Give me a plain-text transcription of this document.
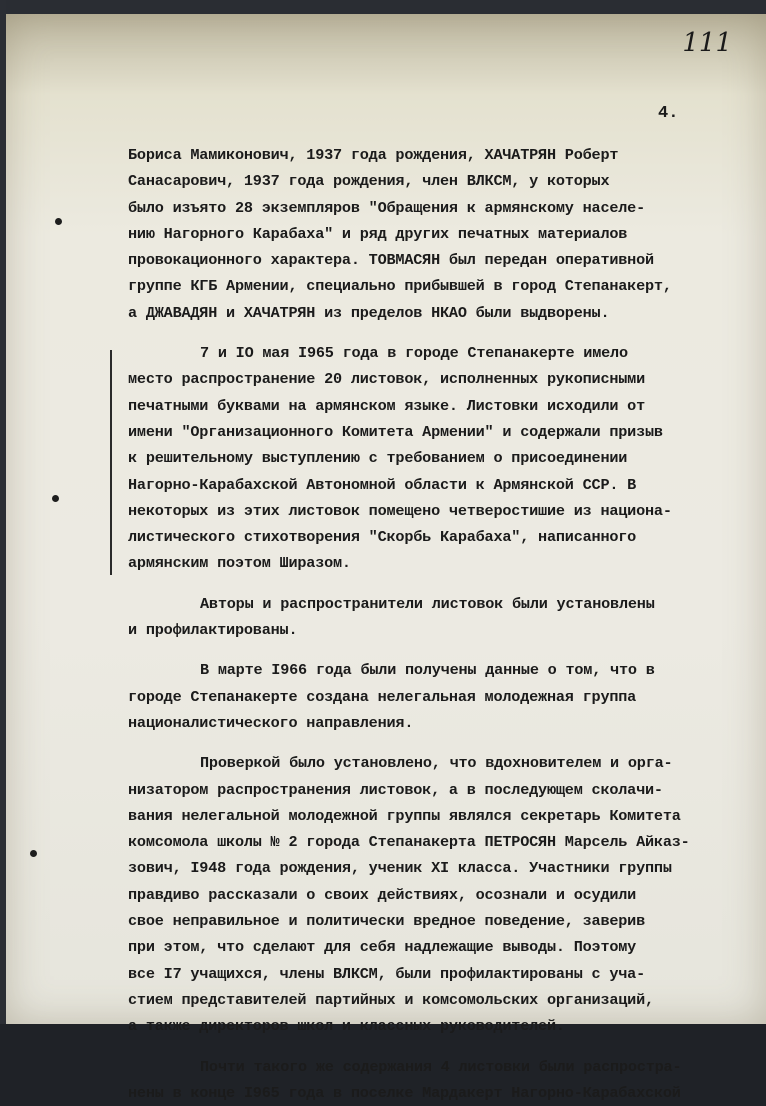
111
4.
Бориса Мамиконович, 1937 года рождения, ХАЧАТРЯН Роберт
Санасарович, 1937 года рождения, член ВЛКСМ, у которых
было изъято 28 экземпляров "Обращения к армянскому населе-
нию Нагорного Карабаха" и ряд других печатных материалов
провокационного характера. ТОВМАСЯН был передан оперативной
группе КГБ Армении, специально прибывшей в город Степанакерт,
а ДЖАВАДЯН и ХАЧАТРЯН из пределов НКАО были выдворены.
7 и IO мая I965 года в городе Степанакерте имело
место распространение 20 листовок, исполненных рукописными
печатными буквами на армянском языке. Листовки исходили от
имени "Организационного Комитета Армении" и содержали призыв
к решительному выступлению с требованием о присоединении
Нагорно-Карабахской Автономной области к Армянской ССР. В
некоторых из этих листовок помещено четверостишие из национа-
листического стихотворения "Скорбь Карабаха", написанного
армянским поэтом Ширазом.
Авторы и распространители листовок были установлены
и профилактированы.
В марте I966 года были получены данные о том, что в
городе Степанакерте создана нелегальная молодежная группа
националистического направления.
Проверкой было установлено, что вдохновителем и орга-
низатором распространения листовок, а в последующем сколачи-
вания нелегальной молодежной группы являлся секретарь Комитета
комсомола школы № 2 города Степанакерта ПЕТРОСЯН Марсель Айказ-
зович, I948 года рождения, ученик XI класса. Участники группы
правдиво рассказали о своих действиях, осознали и осудили
свое неправильное и политически вредное поведение, заверив
при этом, что сделают для себя надлежащие выводы. Поэтому
все I7 учащихся, члены ВЛКСМ, были профилактированы с уча-
стием представителей партийных и комсомольских организаций,
а также директоров школ и классных руководителей.
Почти такого же содержания 4 листовки были распростра-
нены в конце I965 года в поселке Мардакерт Нагорно-Карабахской
